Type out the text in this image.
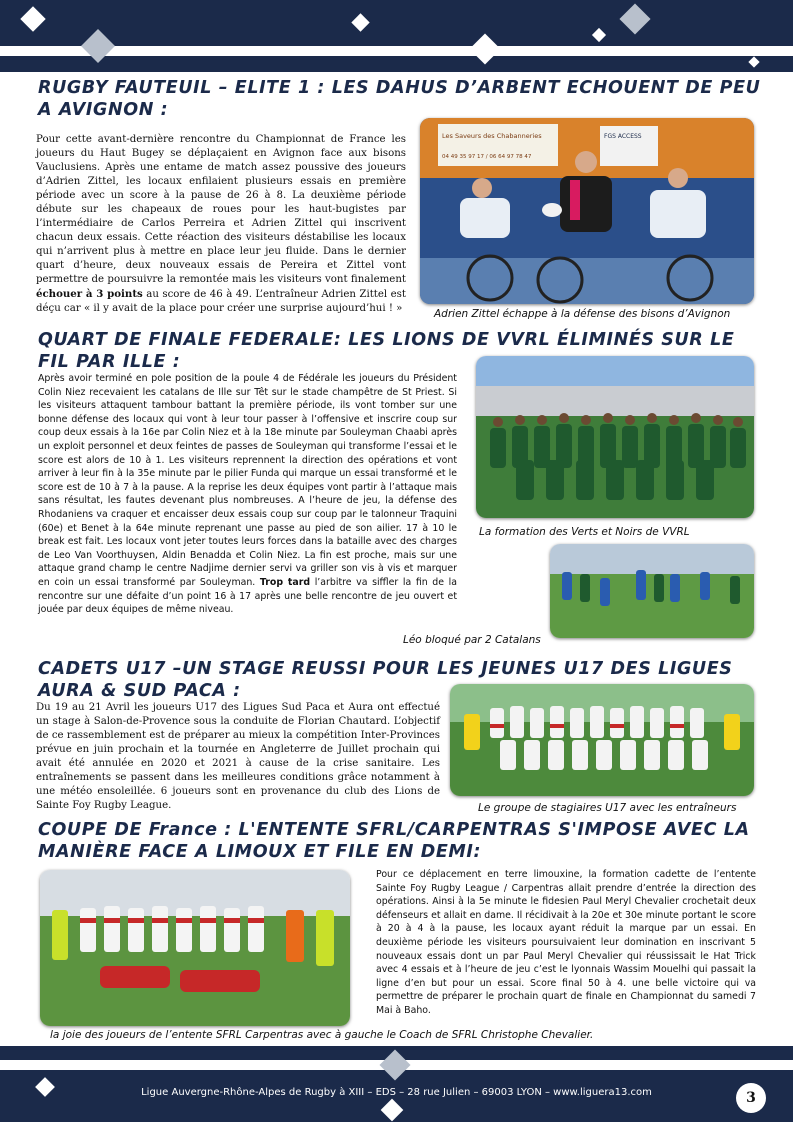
RUGBY FAUTEUIL – ELITE 1 : LES DAHUS D’ARBENT ECHOUENT DE PEU A AVIGNON :
Pour cette avant-dernière rencontre du Championnat de France les joueurs du Haut Bugey se déplaçaient en Avignon face aux bisons Vauclusiens. Après une entame de match assez poussive des joueurs d’Adrien Zittel, les locaux enfilaient plusieurs essais en première période avec un score à la pause de 26 à 8. La deuxième période débute sur les chapeaux de roues pour les haut-bugistes par l’intermédiaire de Carlos Perreira et Adrien Zittel qui inscrivent chacun deux essais. Cette réaction des visiteurs déstabilise les locaux qui n’arrivent plus à mettre en place leur jeu fluide. Dans le dernier quart d’heure, deux nouveaux essais de Pereira et Zittel vont permettre de poursuivre la remontée mais les visiteurs vont finalement échouer à 3 points au score de 46 à 49. L’entraîneur Adrien Zittel est déçu car « il y avait de la place pour créer une surprise aujourd’hui ! »
Les Saveurs des Chabanneries
04 49 35 97 17 / 06 64 97 78 47
FGS ACCESS
Adrien Zittel échappe à la défense des bisons d’Avignon
QUART DE FINALE FEDERALE: LES LIONS DE VVRL ÉLIMINÉS SUR LE FIL PAR ILLE :
Après avoir terminé en pole position de la poule 4 de Fédérale les joueurs du Président Colin Niez recevaient les catalans de Ille sur Têt sur le stade champêtre de St Priest. Si les visiteurs attaquent tambour battant la première période, ils vont tomber sur une bonne défense des locaux qui vont à leur tour passer à l’offensive et inscrire coup sur coup deux essais à la 16e par Colin Niez et à la 18e minute par Souleyman Chaabi après un exploit personnel et deux feintes de passes de Souleyman qui transforme l’essai et le score est alors de 10 à 1. Les visiteurs reprennent la direction des opérations et vont arriver à leur fin à la 35e minute par le pilier Funda qui marque un essai transformé et le score est de 10 à 7 à la pause. A la reprise les deux équipes vont partir à l’attaque mais sans résultat, les fautes devenant plus nombreuses. A l’heure de jeu, la défense des Rhodaniens va craquer et encaisser deux essais coup sur coup par le talonneur Traquini (60e) et Benet à la 64e minute reprenant une passe au pied de son ailier. 17 à 10 le break est fait. Les locaux vont jeter toutes leurs forces dans la bataille avec des charges de Leo Van Voorthuysen, Aldin Benadda et Colin Niez. La fin est proche, mais sur une attaque grand champ le centre Nadjime dernier servi va griller son vis à vis et marquer en coin un essai transformé par Souleyman. Trop tard l’arbitre va siffler la fin de la rencontre sur une défaite d’un point 16 à 17 après une belle rencontre de jeu ouvert et jouée par deux équipes de même niveau.
La formation des Verts et Noirs de VVRL
Léo bloqué par 2 Catalans
CADETS U17 –UN STAGE REUSSI POUR LES JEUNES U17 DES LIGUES AURA & SUD PACA :
Du 19 au 21 Avril les joueurs U17 des Ligues Sud Paca et Aura ont effectué un stage à Salon-de-Provence sous la conduite de Florian Chautard. L’objectif de ce rassemblement est de préparer au mieux la compétition Inter-Provinces prévue en juin prochain et la tournée en Angleterre de Juillet prochain qui avait été annulée en 2020 et 2021 à cause de la crise sanitaire. Les entraînements se passent dans les meilleures conditions grâce notamment à une météo ensoleillée. 6 joueurs sont en provenance du club des Lions de Sainte Foy Rugby League.	Le groupe de stagiaires U17 avec les entraîneurs
COUPE DE France : L'ENTENTE SFRL/CARPENTRAS S'IMPOSE AVEC LA MANIÈRE FACE A LIMOUX ET FILE EN DEMI:
Pour ce déplacement en terre limouxine, la formation cadette de l’entente Sainte Foy Rugby League / Carpentras allait prendre d’entrée la direction des opérations. Ainsi à la 5e minute le fidesien Paul Meryl Chevalier crochetait deux défenseurs et allait en dame. Il récidivait à la 20e et 30e minute portant le score à 20 à 4 à la pause, les locaux ayant réduit la marque par un essai. En deuxième période les visiteurs poursuivaient leur domination en inscrivant 5 nouveaux essais dont un par Paul Meryl Chevalier qui réussissait le Hat Trick avec 4 essais et à l’heure de jeu c’est le lyonnais Wassim Mouelhi qui passait la ligne d’en but pour un essai. Score final 50 à 4. une belle victoire qui va permettre de préparer le prochain quart de finale en Championnat du samedi 7 Mai à Baho.
la joie des joueurs de l’entente SFRL Carpentras avec à gauche le Coach de SFRL Christophe Chevalier.
Ligue Auvergne-Rhône-Alpes de Rugby à XIII – EDS – 28 rue Julien – 69003 LYON – www.liguera13.com	3
